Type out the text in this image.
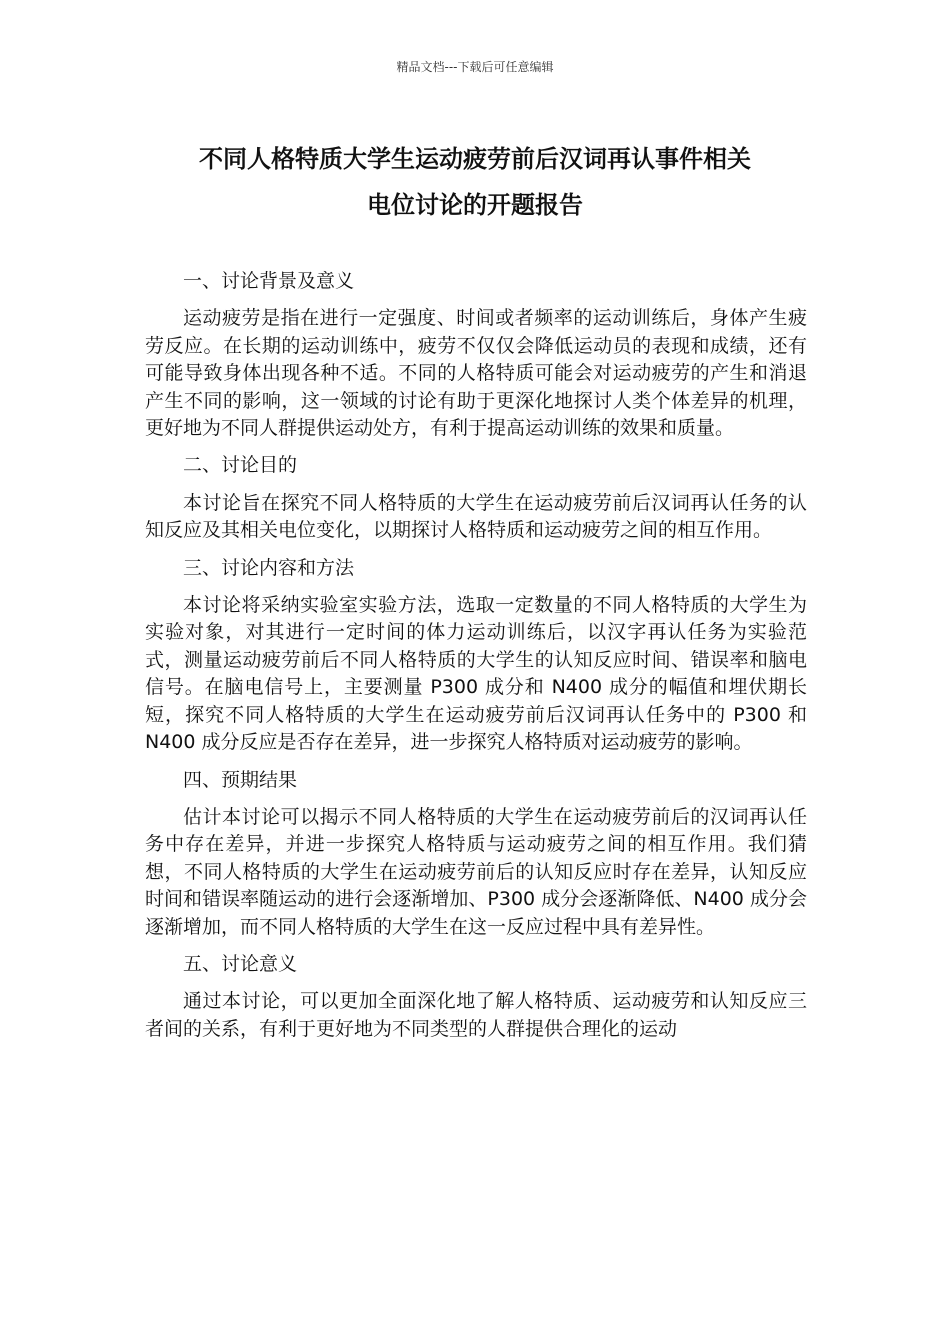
精品文档---下载后可任意编辑
不同人格特质大学生运动疲劳前后汉词再认事件相关
电位讨论的开题报告
一、讨论背景及意义
运动疲劳是指在进行一定强度、时间或者频率的运动训练后，身体产生疲劳反应。在长期的运动训练中，疲劳不仅仅会降低运动员的表现和成绩，还有可能导致身体出现各种不适。不同的人格特质可能会对运动疲劳的产生和消退产生不同的影响，这一领域的讨论有助于更深化地探讨人类个体差异的机理，更好地为不同人群提供运动处方，有利于提高运动训练的效果和质量。
二、讨论目的
本讨论旨在探究不同人格特质的大学生在运动疲劳前后汉词再认任务的认知反应及其相关电位变化，以期探讨人格特质和运动疲劳之间的相互作用。
三、讨论内容和方法
本讨论将采纳实验室实验方法，选取一定数量的不同人格特质的大学生为实验对象，对其进行一定时间的体力运动训练后，以汉字再认任务为实验范式，测量运动疲劳前后不同人格特质的大学生的认知反应时间、错误率和脑电信号。在脑电信号上，主要测量 P300 成分和 N400 成分的幅值和埋伏期长短，探究不同人格特质的大学生在运动疲劳前后汉词再认任务中的 P300 和 N400 成分反应是否存在差异，进一步探究人格特质对运动疲劳的影响。
四、预期结果
估计本讨论可以揭示不同人格特质的大学生在运动疲劳前后的汉词再认任务中存在差异，并进一步探究人格特质与运动疲劳之间的相互作用。我们猜想，不同人格特质的大学生在运动疲劳前后的认知反应时存在差异，认知反应时间和错误率随运动的进行会逐渐增加、P300 成分会逐渐降低、N400 成分会逐渐增加，而不同人格特质的大学生在这一反应过程中具有差异性。
五、讨论意义
通过本讨论，可以更加全面深化地了解人格特质、运动疲劳和认知反应三者间的关系，有利于更好地为不同类型的人群提供合理化的运动
